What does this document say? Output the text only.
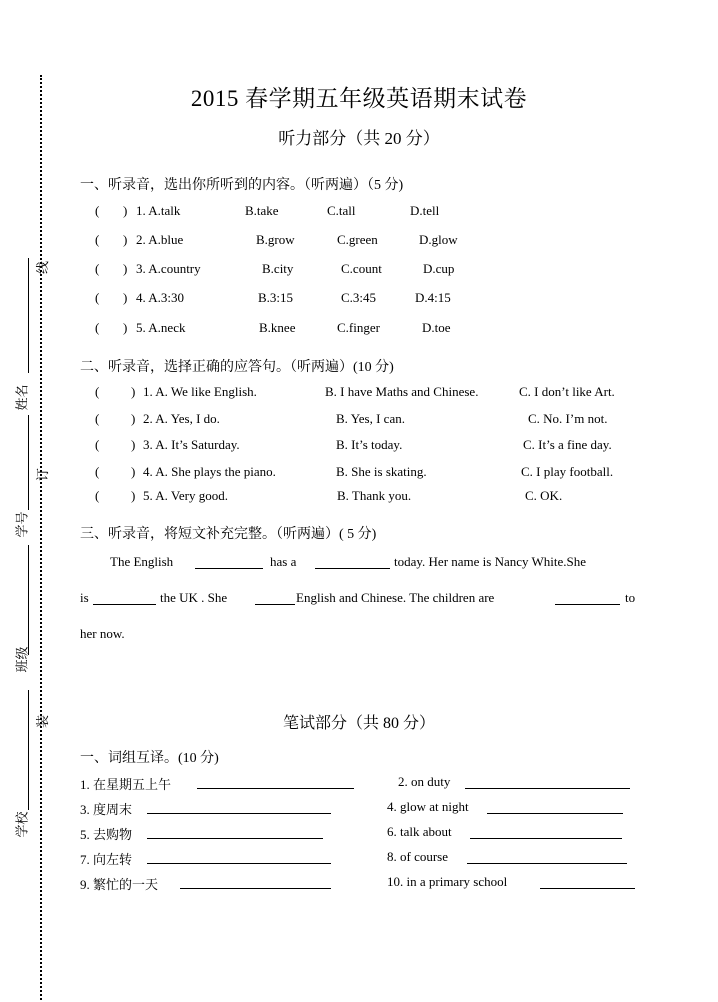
线
订
装
姓名
学号
班级
学校
2015 春学期五年级英语期末试卷
听力部分（共 20 分）
一、听录音，选出你所听到的内容。（听两遍）（5 分)
( ) 1. A.talk	B.take	C.tall	D.tell
( ) 2. A.blue	B.grow	C.green	D.glow
( ) 3. A.country	B.city	C.count	D.cup
( ) 4. A.3:30	B.3:15	C.3:45	D.4:15
( ) 5. A.neck	B.knee	C.finger	D.toe
二、听录音，选择正确的应答句。（听两遍）(10 分)
( ) 1. A. We like English.	B. I have Maths and Chinese.	C. I don’t like Art.
( ) 2. A. Yes, I do.	B. Yes, I can.	C. No. I’m not.
( ) 3. A. It’s Saturday.	B. It’s today.	C. It’s a fine day.
( ) 4. A. She plays the piano.	B. She is skating.	C. I play football.
( ) 5. A. Very good.	B. Thank you.	C. OK.
三、听录音，将短文补充完整。（听两遍）( 5 分)
The English	has a	today. Her name is Nancy White.She
is	the UK . She	English and Chinese. The children are	to
her now.
笔试部分（共 80 分）
一、词组互译。(10 分)
1. 在星期五上午	2. on duty
3. 度周末	4. glow at night
5. 去购物	6. talk about
7. 向左转	8. of course
9. 繁忙的一天	10. in a primary school
